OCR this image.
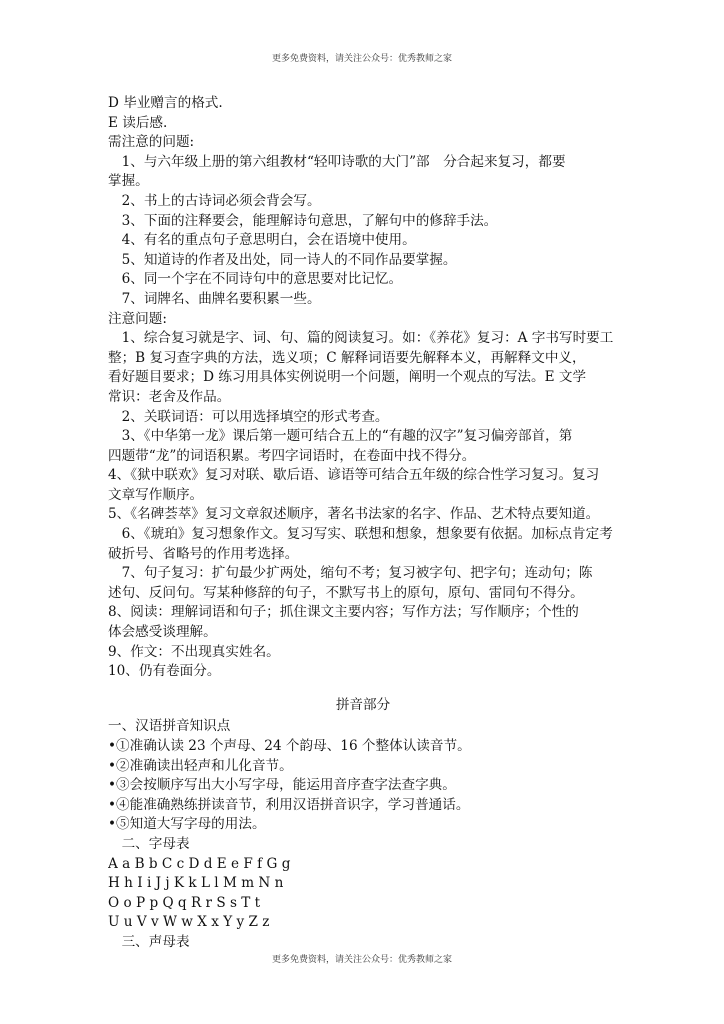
更多免费资料，请关注公众号：优秀教师之家
D 毕业赠言的格式.
E 读后感.
需注意的问题:
　1、与六年级上册的第六组教材“轻叩诗歌的大门”部　分合起来复习，都要
掌握。
　2、书上的古诗词必须会背会写。
　3、下面的注释要会，能理解诗句意思，了解句中的修辞手法。
　4、有名的重点句子意思明白，会在语境中使用。
　5、知道诗的作者及出处，同一诗人的不同作品要掌握。
　6、同一个字在不同诗句中的意思要对比记忆。
　7、词牌名、曲牌名要积累一些。
注意问题:
　1、综合复习就是字、词、句、篇的阅读复习。如：《养花》复习：A 字书写时要工
整；B 复习查字典的方法，选义项；C 解释词语要先解释本义，再解释文中义，
看好题目要求；D 练习用具体实例说明一个问题，阐明一个观点的写法。E 文学
常识：老舍及作品。
　2、关联词语：可以用选择填空的形式考查。
　3、《中华第一龙》课后第一题可结合五上的“有趣的汉字”复习偏旁部首，第
四题带“龙”的词语积累。考四字词语时，在卷面中找不得分。
4、《狱中联欢》复习对联、歇后语、谚语等可结合五年级的综合性学习复习。复习
文章写作顺序。
5、《名碑荟萃》复习文章叙述顺序，著名书法家的名字、作品、艺术特点要知道。
　6、《琥珀》复习想象作文。复习写实、联想和想象，想象要有依据。加标点肯定考
破折号、省略号的作用考选择。
　7、句子复习：扩句最少扩两处，缩句不考；复习被字句、把字句；连动句；陈
述句、反问句。写某种修辞的句子，不默写书上的原句，原句、雷同句不得分。
8、阅读：理解词语和句子；抓住课文主要内容；写作方法；写作顺序；个性的
体会感受谈理解。
9、作文：不出现真实姓名。
10、仍有卷面分。
拼音部分
一、汉语拼音知识点
•①准确认读 23 个声母、24 个韵母、16 个整体认读音节。
•②准确读出轻声和儿化音节。
•③会按顺序写出大小写字母，能运用音序查字法查字典。
•④能准确熟练拼读音节，利用汉语拼音识字，学习普通话。
•⑤知道大写字母的用法。
　二、字母表
A a B b C c D d E e F f G g
H h I i J j K k L l M m N n
O o P p Q q R r S s T t
U u V v W w X x Y y Z z
　三、声母表
更多免费资料，请关注公众号：优秀教师之家
